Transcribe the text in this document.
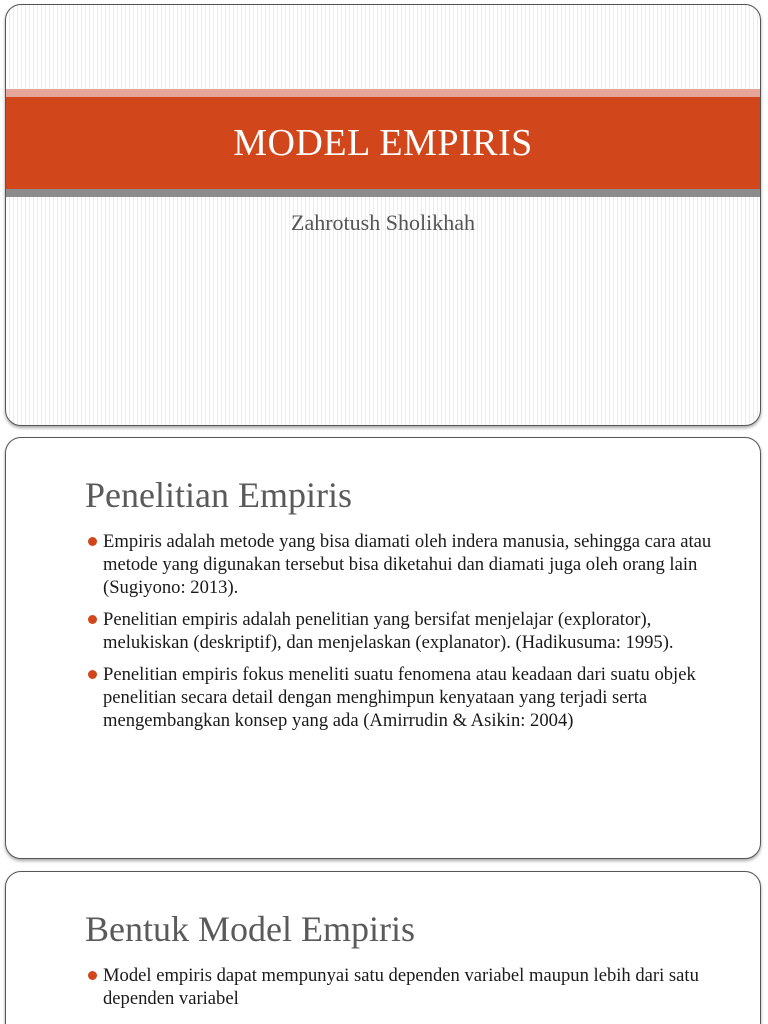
MODEL EMPIRIS
Zahrotush Sholikhah
Penelitian Empiris
Empiris adalah metode yang bisa diamati oleh indera manusia, sehingga cara atau metode yang digunakan tersebut bisa diketahui dan diamati juga oleh orang lain (Sugiyono: 2013).
Penelitian empiris adalah penelitian yang bersifat menjelajar (explorator), melukiskan (deskriptif), dan menjelaskan (explanator). (Hadikusuma: 1995).
Penelitian empiris fokus meneliti suatu fenomena atau keadaan dari suatu objek penelitian secara detail dengan menghimpun kenyataan yang terjadi serta mengembangkan konsep yang ada (Amirrudin & Asikin: 2004)
Bentuk Model Empiris
Model empiris dapat mempunyai satu dependen variabel maupun lebih dari satu dependen variabel
